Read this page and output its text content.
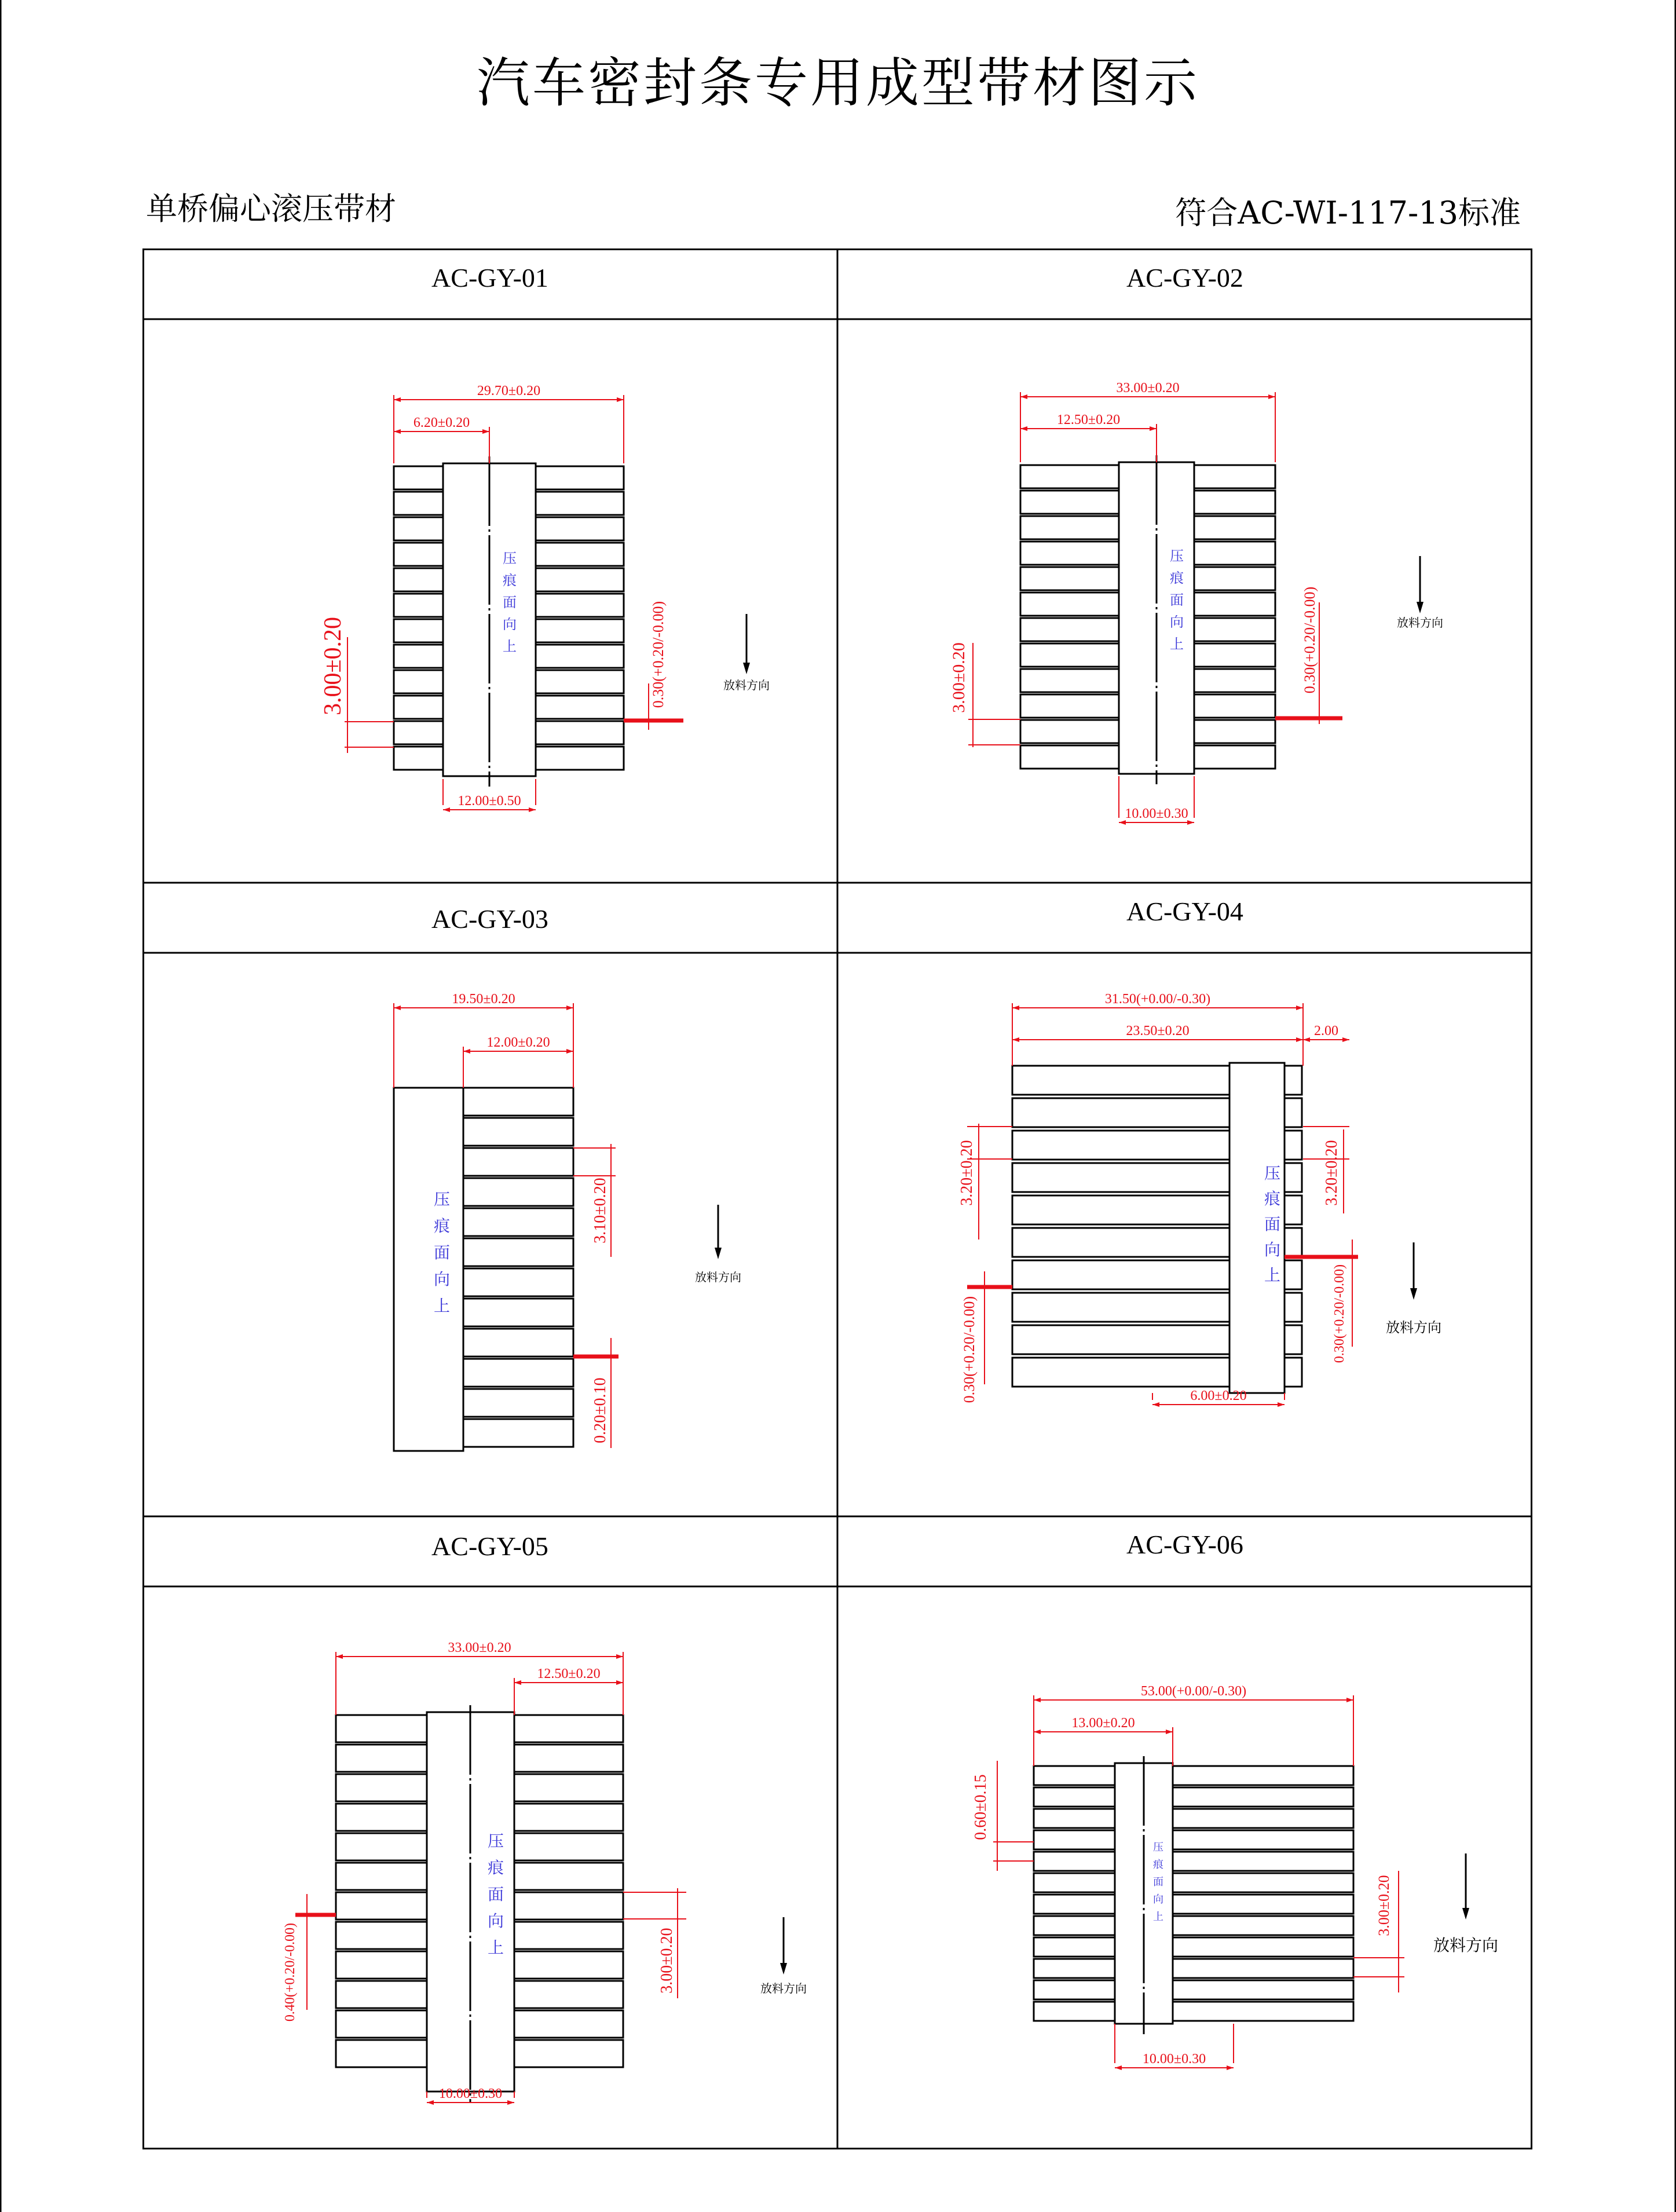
汽车密封条专用成型带材图示
单桥偏心滚压带材	符合AC-WI-117-13标准
AC-GY-01	AC-GY-02
AC-GY-03	AC-GY-04
AC-GY-05	AC-GY-06
29.70±0.20
6.20±0.20
12.00±0.50
3.00±0.20	0.30(+0.20/-0.00)
压
痕
面
向
上
放料方向
33.00±0.20
12.50±0.20
10.00±0.30
3.00±0.20	0.30(+0.20/-0.00)
压
痕
面
向
上
放料方向
19.50±0.20
12.00±0.20
3.10±0.20
0.20±0.10
压
痕
面
向
上
放料方向
31.50(+0.00/-0.30)
23.50±0.20	2.00
6.00±0.20
3.20±0.20	3.20±0.20
0.30(+0.20/-0.00)	0.30(+0.20/-0.00)
压
痕
面
向
上
放料方向
33.00±0.20
12.50±0.20
10.00±0.30
3.00±0.20
0.40(+0.20/-0.00)
压
痕
面
向
上
放料方向
53.00(+0.00/-0.30)
13.00±0.20
10.00±0.30
0.60±0.15
3.00±0.20
压
痕
面
向
上
放料方向
